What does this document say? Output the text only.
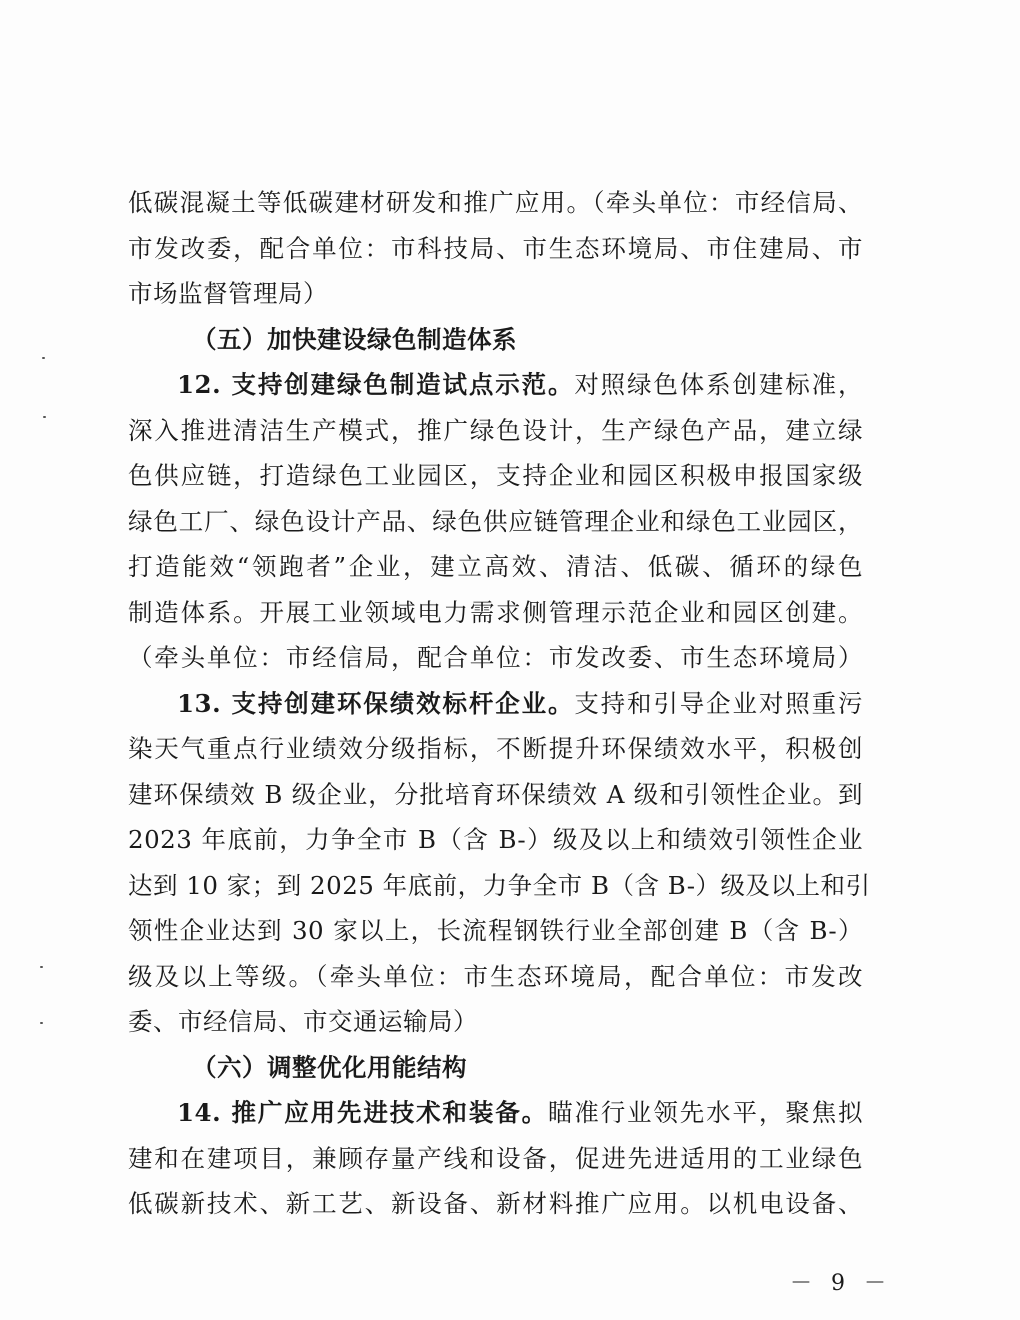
低碳混凝土等低碳建材研发和推广应用。（牵头单位：市经信局、
市发改委，配合单位：市科技局、市生态环境局、市住建局、市
市场监督管理局）
（五）加快建设绿色制造体系
12. 支持创建绿色制造试点示范。对照绿色体系创建标准，
深入推进清洁生产模式，推广绿色设计，生产绿色产品，建立绿
色供应链，打造绿色工业园区，支持企业和园区积极申报国家级
绿色工厂、绿色设计产品、绿色供应链管理企业和绿色工业园区，
打造能效“领跑者”企业，建立高效、清洁、低碳、循环的绿色
制造体系。开展工业领域电力需求侧管理示范企业和园区创建。
（牵头单位：市经信局，配合单位：市发改委、市生态环境局）
13. 支持创建环保绩效标杆企业。支持和引导企业对照重污
染天气重点行业绩效分级指标，不断提升环保绩效水平，积极创
建环保绩效 B 级企业，分批培育环保绩效 A 级和引领性企业。到
2023 年底前，力争全市 B（含 B-）级及以上和绩效引领性企业
达到 10 家；到 2025 年底前，力争全市 B（含 B-）级及以上和引
领性企业达到 30 家以上，长流程钢铁行业全部创建 B（含 B-）
级及以上等级。（牵头单位：市生态环境局，配合单位：市发改
委、市经信局、市交通运输局）
（六）调整优化用能结构
14. 推广应用先进技术和装备。瞄准行业领先水平，聚焦拟
建和在建项目，兼顾存量产线和设备，促进先进适用的工业绿色
低碳新技术、新工艺、新设备、新材料推广应用。以机电设备、
－ 9 －
